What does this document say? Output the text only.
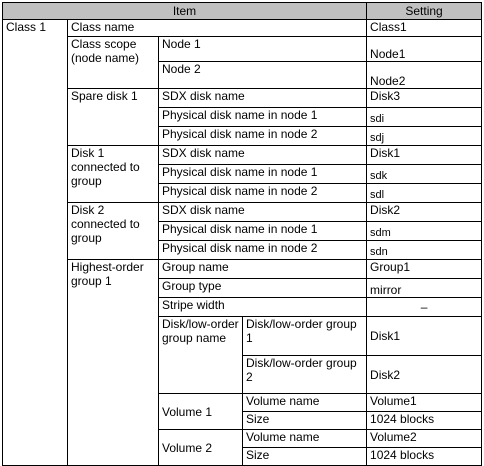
Item				Setting
Class 1	Class name			Class1
	Class scope (node name)	Node 1		Node1
		Node 2		Node2
	Spare disk 1	SDX disk name		Disk3
		Physical disk name in node 1		sdi
		Physical disk name in node 2		sdj
	Disk 1 connected to group	SDX disk name		Disk1
		Physical disk name in node 1		sdk
		Physical disk name in node 2		sdl
	Disk 2 connected to group	SDX disk name		Disk2
		Physical disk name in node 1		sdm
		Physical disk name in node 2		sdn
	Highest-order group 1	Group name		Group1
		Group type		mirror
		Stripe width		–
		Disk/low-order group name	Disk/low-order group 1	Disk1
			Disk/low-order group 2	Disk2
		Volume 1	Volume name	Volume1
			Size	1024 blocks
		Volume 2	Volume name	Volume2
			Size	1024 blocks
